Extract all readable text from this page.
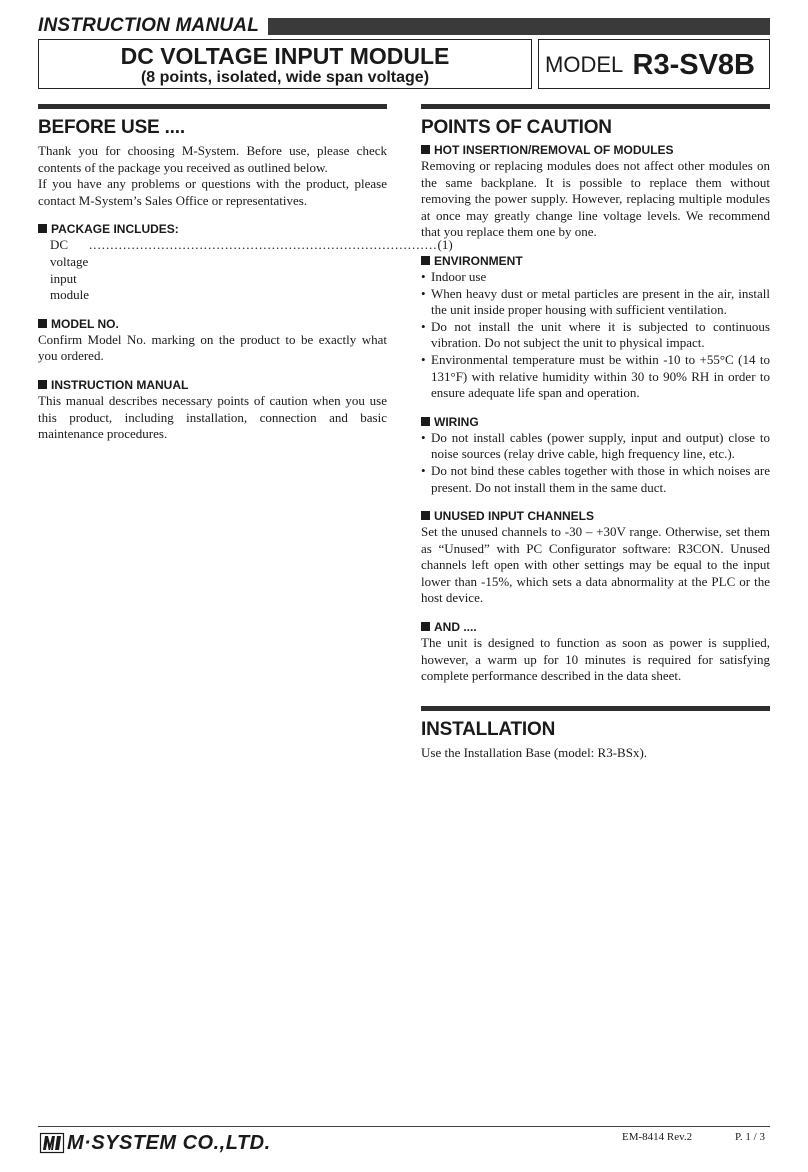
INSTRUCTION MANUAL
DC VOLTAGE INPUT MODULE
(8 points, isolated, wide span voltage)
MODEL R3-SV8B
BEFORE USE ....
Thank you for choosing M-System. Before use, please check contents of the package you received as outlined below.
If you have any problems or questions with the product, please contact M-System’s Sales Office or representatives.
PACKAGE INCLUDES:
DC voltage input module
.................................................................................. (1)
MODEL NO.
Confirm Model No. marking on the product to be exactly what you ordered.
INSTRUCTION MANUAL
This manual describes necessary points of caution when you use this product, including installation, connection and basic maintenance procedures.
POINTS OF CAUTION
HOT INSERTION/REMOVAL OF MODULES
Removing or replacing modules does not affect other modules on the same backplane. It is possible to replace them without removing the power supply. However, replacing multiple modules at once may greatly change line voltage levels. We recommend that you replace them one by one.
ENVIRONMENT
• Indoor use
• When heavy dust or metal particles are present in the air, install the unit inside proper housing with sufficient ventilation.
• Do not install the unit where it is subjected to continuous vibration. Do not subject the unit to physical impact.
• Environmental temperature must be within -10 to +55°C (14 to 131°F) with relative humidity within 30 to 90% RH in order to ensure adequate life span and operation.
WIRING
• Do not install cables (power supply, input and output) close to noise sources (relay drive cable, high frequency line, etc.).
• Do not bind these cables together with those in which noises are present. Do not install them in the same duct.
UNUSED INPUT CHANNELS
Set the unused channels to -30 – +30V range. Otherwise, set them as “Unused” with PC Configurator software: R3CON. Unused channels left open with other settings may be equal to the input lower than -15%, which sets a data abnormality at the PLC or the host device.
AND ....
The unit is designed to function as soon as power is supplied, however, a warm up for 10 minutes is required for satisfying complete performance described in the data sheet.
INSTALLATION
Use the Installation Base (model: R3-BSx).
M·SYSTEM CO.,LTD.	EM-8414 Rev.2	P. 1 / 3
